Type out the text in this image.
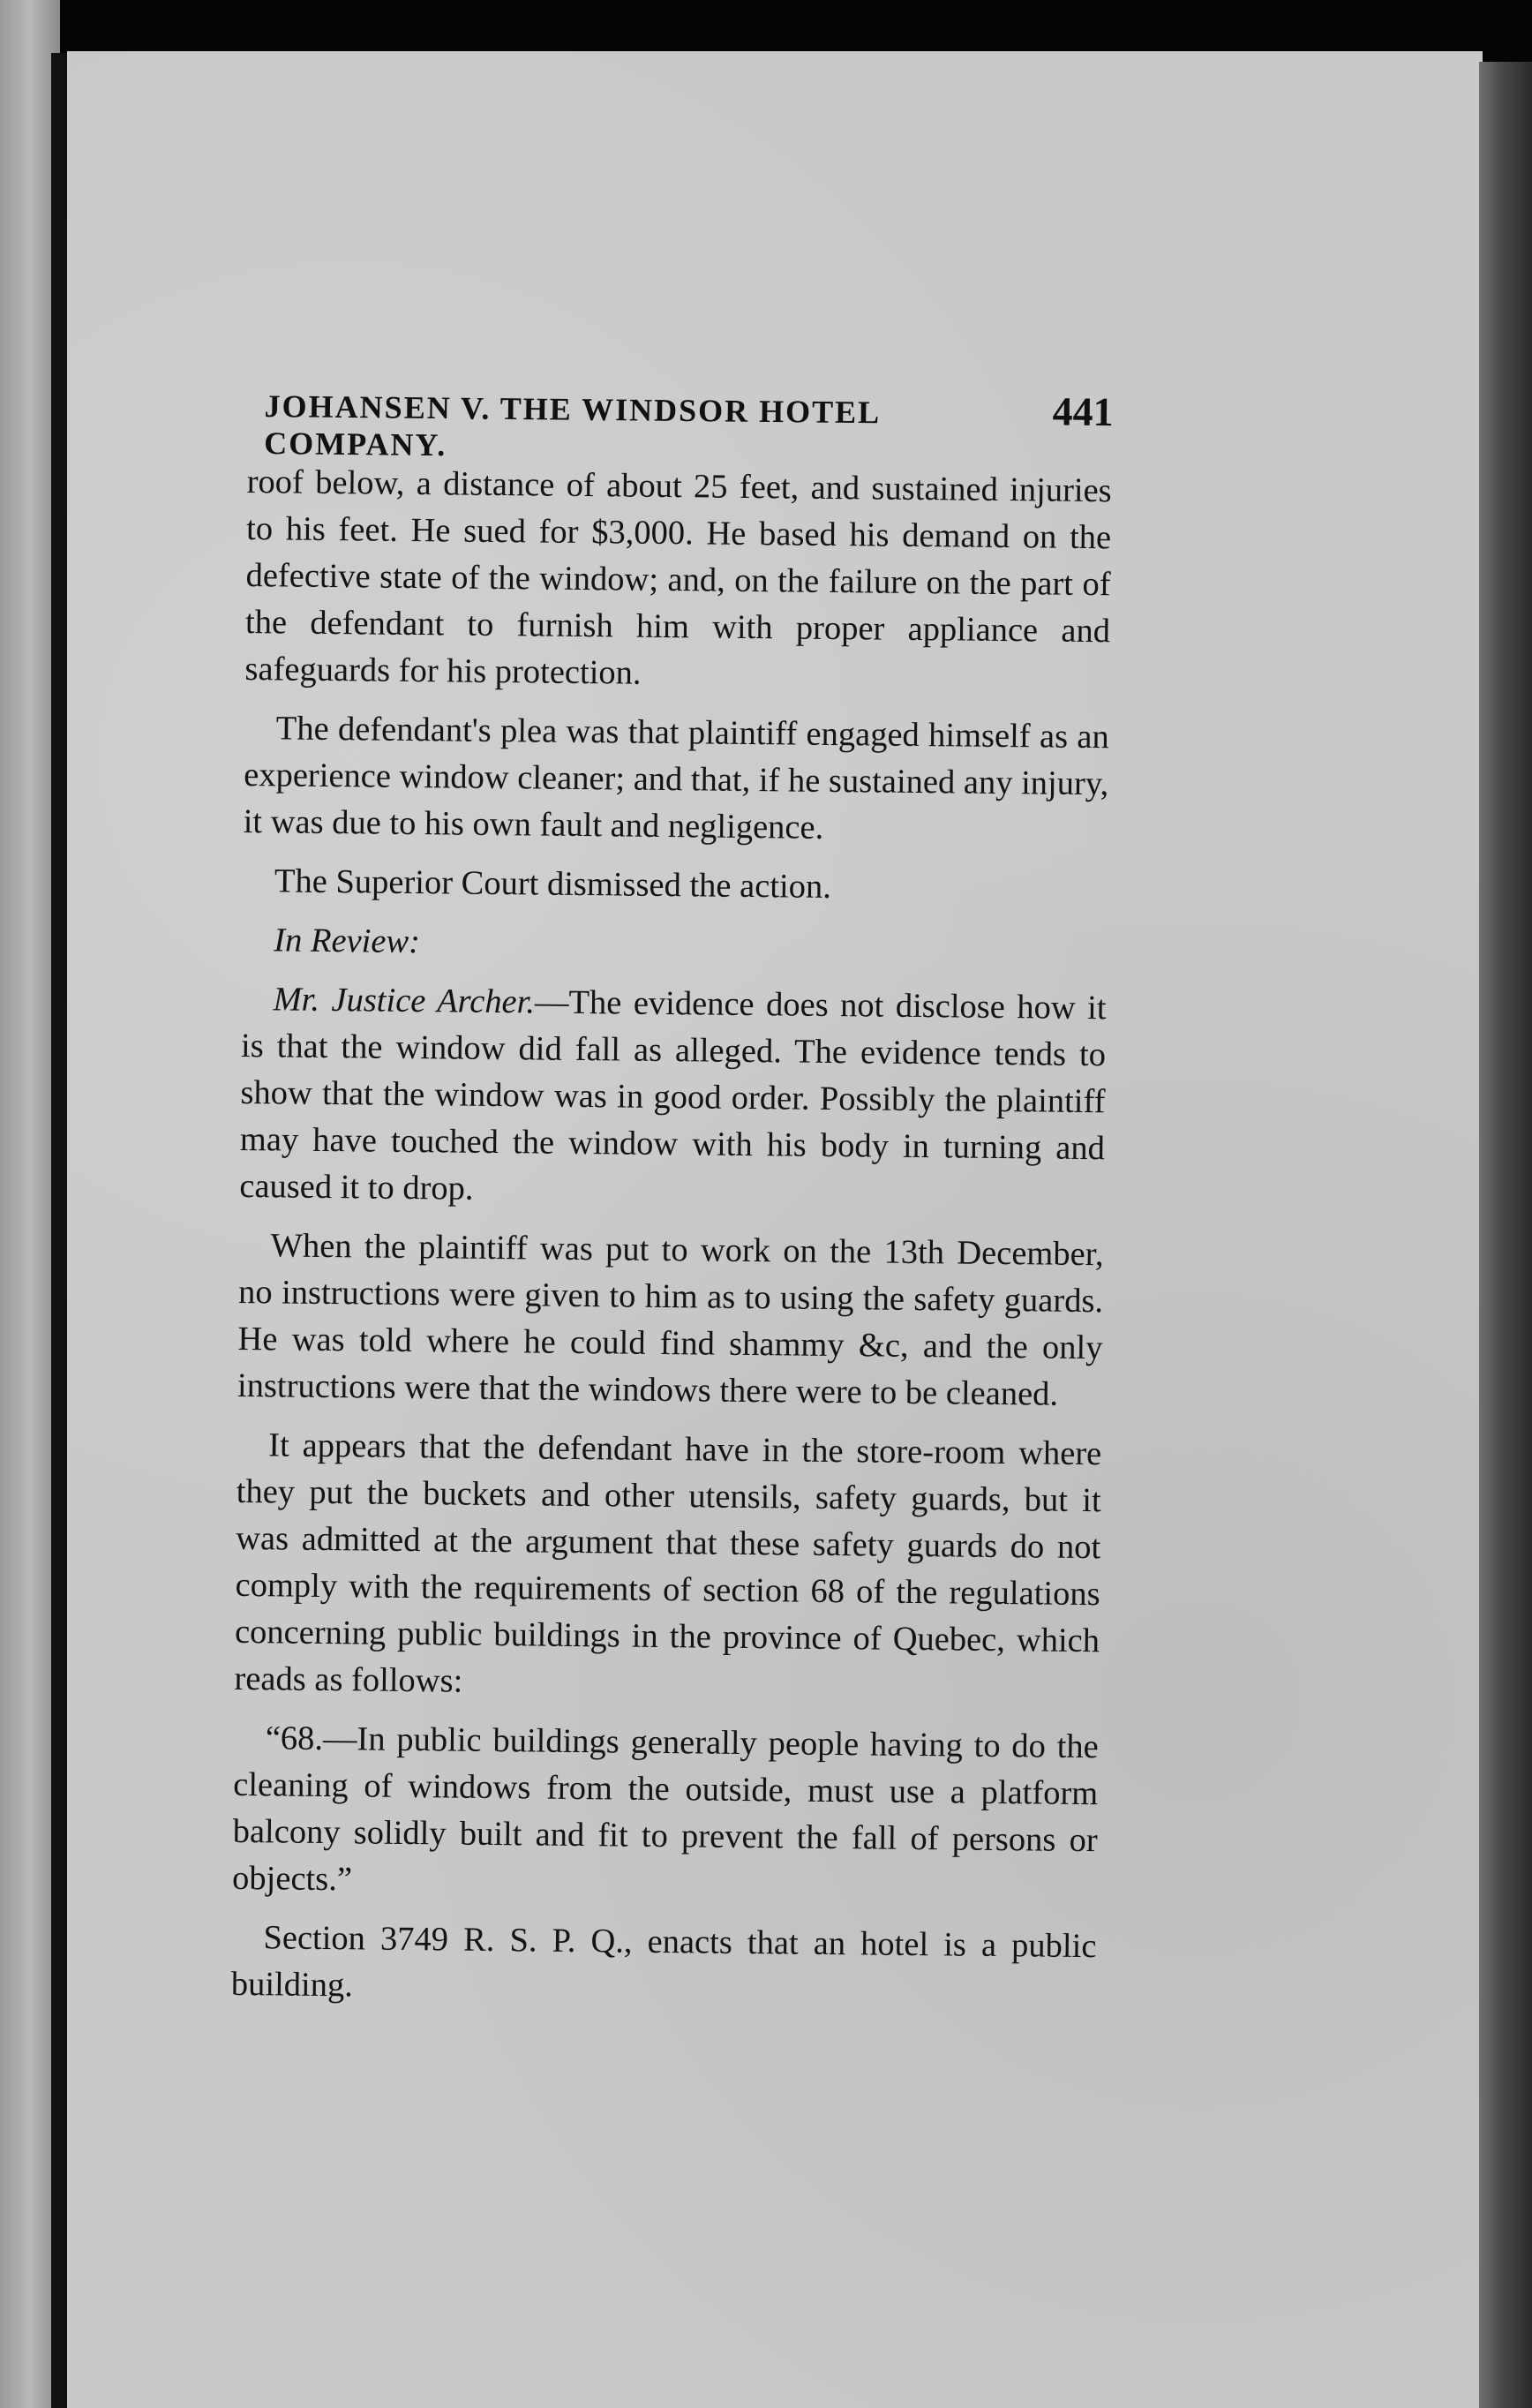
JOHANSEN V. THE WINDSOR HOTEL COMPANY.
441

roof below, a distance of about 25 feet, and sustained injuries to his feet. He sued for $3,000. He based his demand on the defective state of the window; and, on the failure on the part of the defendant to furnish him with proper appliance and safeguards for his protection.

The defendant's plea was that plaintiff engaged himself as an experience window cleaner; and that, if he sustained any injury, it was due to his own fault and negligence.

The Superior Court dismissed the action.

In Review:

Mr. Justice Archer.—The evidence does not disclose how it is that the window did fall as alleged. The evidence tends to show that the window was in good order. Possibly the plaintiff may have touched the window with his body in turning and caused it to drop.

When the plaintiff was put to work on the 13th December, no instructions were given to him as to using the safety guards. He was told where he could find shammy &c, and the only instructions were that the windows there were to be cleaned.

It appears that the defendant have in the store-room where they put the buckets and other utensils, safety guards, but it was admitted at the argument that these safety guards do not comply with the requirements of section 68 of the regulations concerning public buildings in the province of Quebec, which reads as follows:

“68.—In public buildings generally people having to do the cleaning of windows from the outside, must use a platform balcony solidly built and fit to prevent the fall of persons or objects.”

Section 3749 R. S. P. Q., enacts that an hotel is a public building.
